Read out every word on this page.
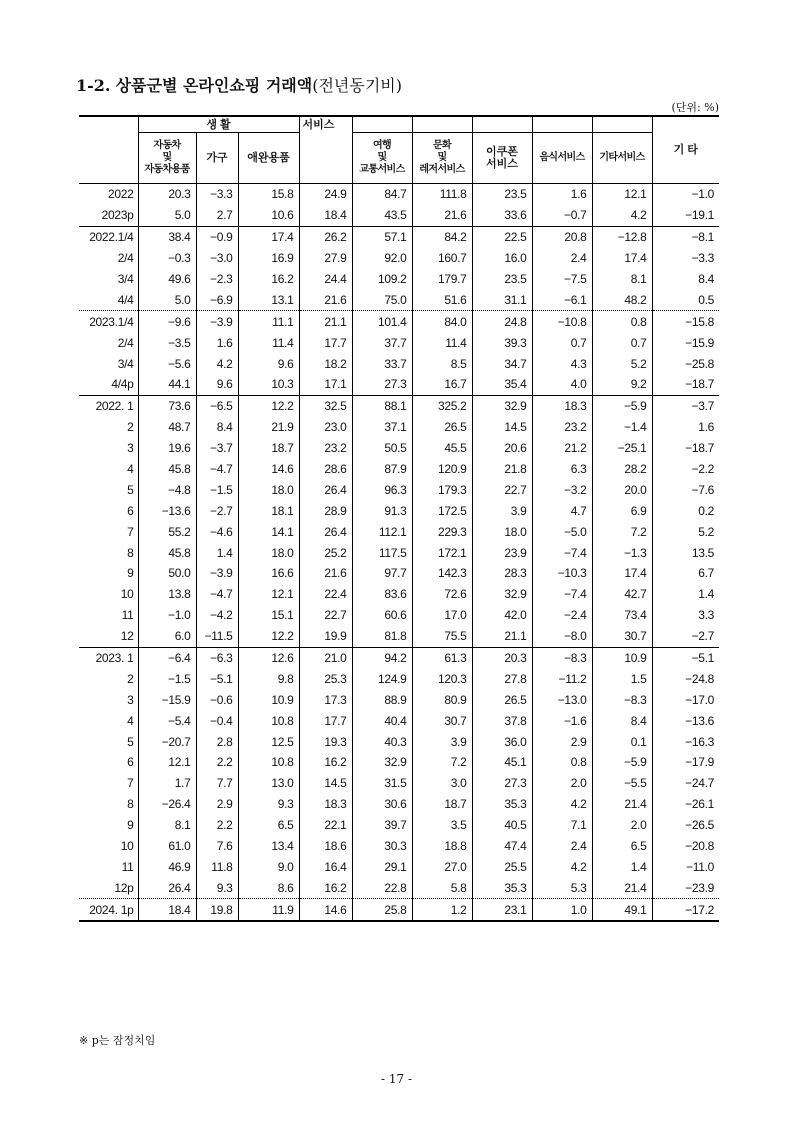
1-2. 상품군별 온라인쇼핑 거래액(전년동기비)
(단위: %)
	생 활			서비스						기 타
	자동차
및
자동차용품	가구	애완용품		여행
및
교통서비스	문화
및
레저서비스	이쿠폰
서비스	음식서비스	기타서비스	
2022	20.3	−3.3	15.8	24.9	84.7	111.8	23.5	1.6	12.1	−1.0
2023p	5.0	2.7	10.6	18.4	43.5	21.6	33.6	−0.7	4.2	−19.1
2022.1/4	38.4	−0.9	17.4	26.2	57.1	84.2	22.5	20.8	−12.8	−8.1
2/4	−0.3	−3.0	16.9	27.9	92.0	160.7	16.0	2.4	17.4	−3.3
3/4	49.6	−2.3	16.2	24.4	109.2	179.7	23.5	−7.5	8.1	8.4
4/4	5.0	−6.9	13.1	21.6	75.0	51.6	31.1	−6.1	48.2	0.5
2023.1/4	−9.6	−3.9	11.1	21.1	101.4	84.0	24.8	−10.8	0.8	−15.8
2/4	−3.5	1.6	11.4	17.7	37.7	11.4	39.3	0.7	0.7	−15.9
3/4	−5.6	4.2	9.6	18.2	33.7	8.5	34.7	4.3	5.2	−25.8
4/4p	44.1	9.6	10.3	17.1	27.3	16.7	35.4	4.0	9.2	−18.7
2022. 1	73.6	−6.5	12.2	32.5	88.1	325.2	32.9	18.3	−5.9	−3.7
2	48.7	8.4	21.9	23.0	37.1	26.5	14.5	23.2	−1.4	1.6
3	19.6	−3.7	18.7	23.2	50.5	45.5	20.6	21.2	−25.1	−18.7
4	45.8	−4.7	14.6	28.6	87.9	120.9	21.8	6.3	28.2	−2.2
5	−4.8	−1.5	18.0	26.4	96.3	179.3	22.7	−3.2	20.0	−7.6
6	−13.6	−2.7	18.1	28.9	91.3	172.5	3.9	4.7	6.9	0.2
7	55.2	−4.6	14.1	26.4	112.1	229.3	18.0	−5.0	7.2	5.2
8	45.8	1.4	18.0	25.2	117.5	172.1	23.9	−7.4	−1.3	13.5
9	50.0	−3.9	16.6	21.6	97.7	142.3	28.3	−10.3	17.4	6.7
10	13.8	−4.7	12.1	22.4	83.6	72.6	32.9	−7.4	42.7	1.4
11	−1.0	−4.2	15.1	22.7	60.6	17.0	42.0	−2.4	73.4	3.3
12	6.0	−11.5	12.2	19.9	81.8	75.5	21.1	−8.0	30.7	−2.7
2023. 1	−6.4	−6.3	12.6	21.0	94.2	61.3	20.3	−8.3	10.9	−5.1
2	−1.5	−5.1	9.8	25.3	124.9	120.3	27.8	−11.2	1.5	−24.8
3	−15.9	−0.6	10.9	17.3	88.9	80.9	26.5	−13.0	−8.3	−17.0
4	−5.4	−0.4	10.8	17.7	40.4	30.7	37.8	−1.6	8.4	−13.6
5	−20.7	2.8	12.5	19.3	40.3	3.9	36.0	2.9	0.1	−16.3
6	12.1	2.2	10.8	16.2	32.9	7.2	45.1	0.8	−5.9	−17.9
7	1.7	7.7	13.0	14.5	31.5	3.0	27.3	2.0	−5.5	−24.7
8	−26.4	2.9	9.3	18.3	30.6	18.7	35.3	4.2	21.4	−26.1
9	8.1	2.2	6.5	22.1	39.7	3.5	40.5	7.1	2.0	−26.5
10	61.0	7.6	13.4	18.6	30.3	18.8	47.4	2.4	6.5	−20.8
11	46.9	11.8	9.0	16.4	29.1	27.0	25.5	4.2	1.4	−11.0
12p	26.4	9.3	8.6	16.2	22.8	5.8	35.3	5.3	21.4	−23.9
2024. 1p	18.4	19.8	11.9	14.6	25.8	1.2	23.1	1.0	49.1	−17.2
※ p는 잠정치임
- 17 -
